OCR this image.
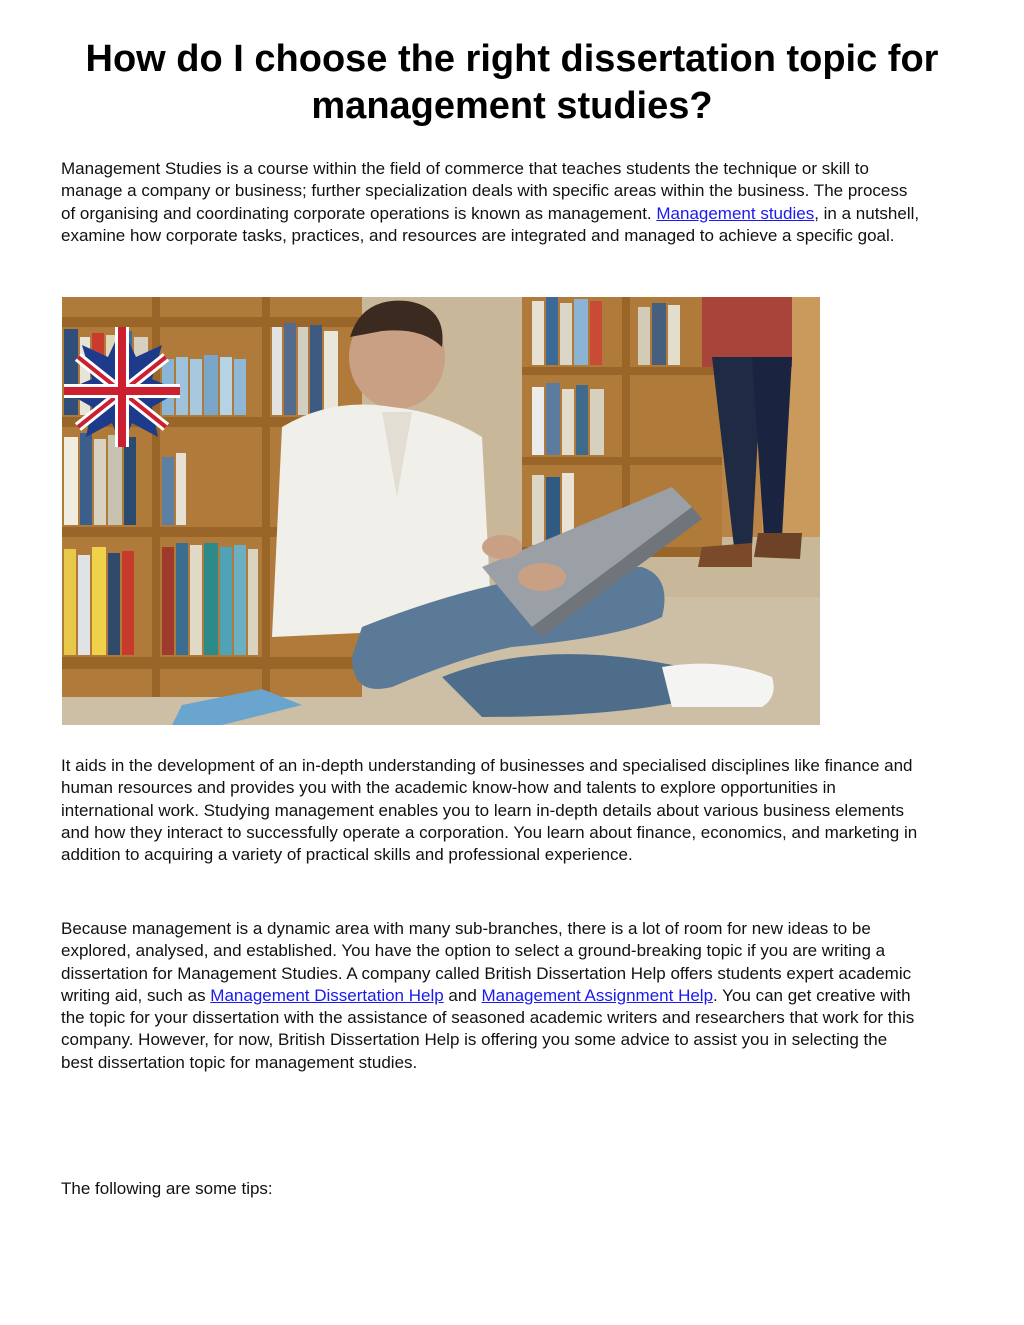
How do I choose the right dissertation topic for management studies?

Management Studies is a course within the field of commerce that teaches students the technique or skill to manage a company or business; further specialization deals with specific areas within the business. The process of organising and coordinating corporate operations is known as management. Management studies, in a nutshell, examine how corporate tasks, practices, and resources are integrated and managed to achieve a specific goal.

It aids in the development of an in-depth understanding of businesses and specialised disciplines like finance and human resources and provides you with the academic know-how and talents to explore opportunities in international work. Studying management enables you to learn in-depth details about various business elements and how they interact to successfully operate a corporation. You learn about finance, economics, and marketing in addition to acquiring a variety of practical skills and professional experience.

Because management is a dynamic area with many sub-branches, there is a lot of room for new ideas to be explored, analysed, and established. You have the option to select a ground-breaking topic if you are writing a dissertation for Management Studies. A company called British Dissertation Help offers students expert academic writing aid, such as Management Dissertation Help and Management Assignment Help. You can get creative with the topic for your dissertation with the assistance of seasoned academic writers and researchers that work for this company. However, for now, British Dissertation Help is offering you some advice to assist you in selecting the best dissertation topic for management studies.

The following are some tips:
